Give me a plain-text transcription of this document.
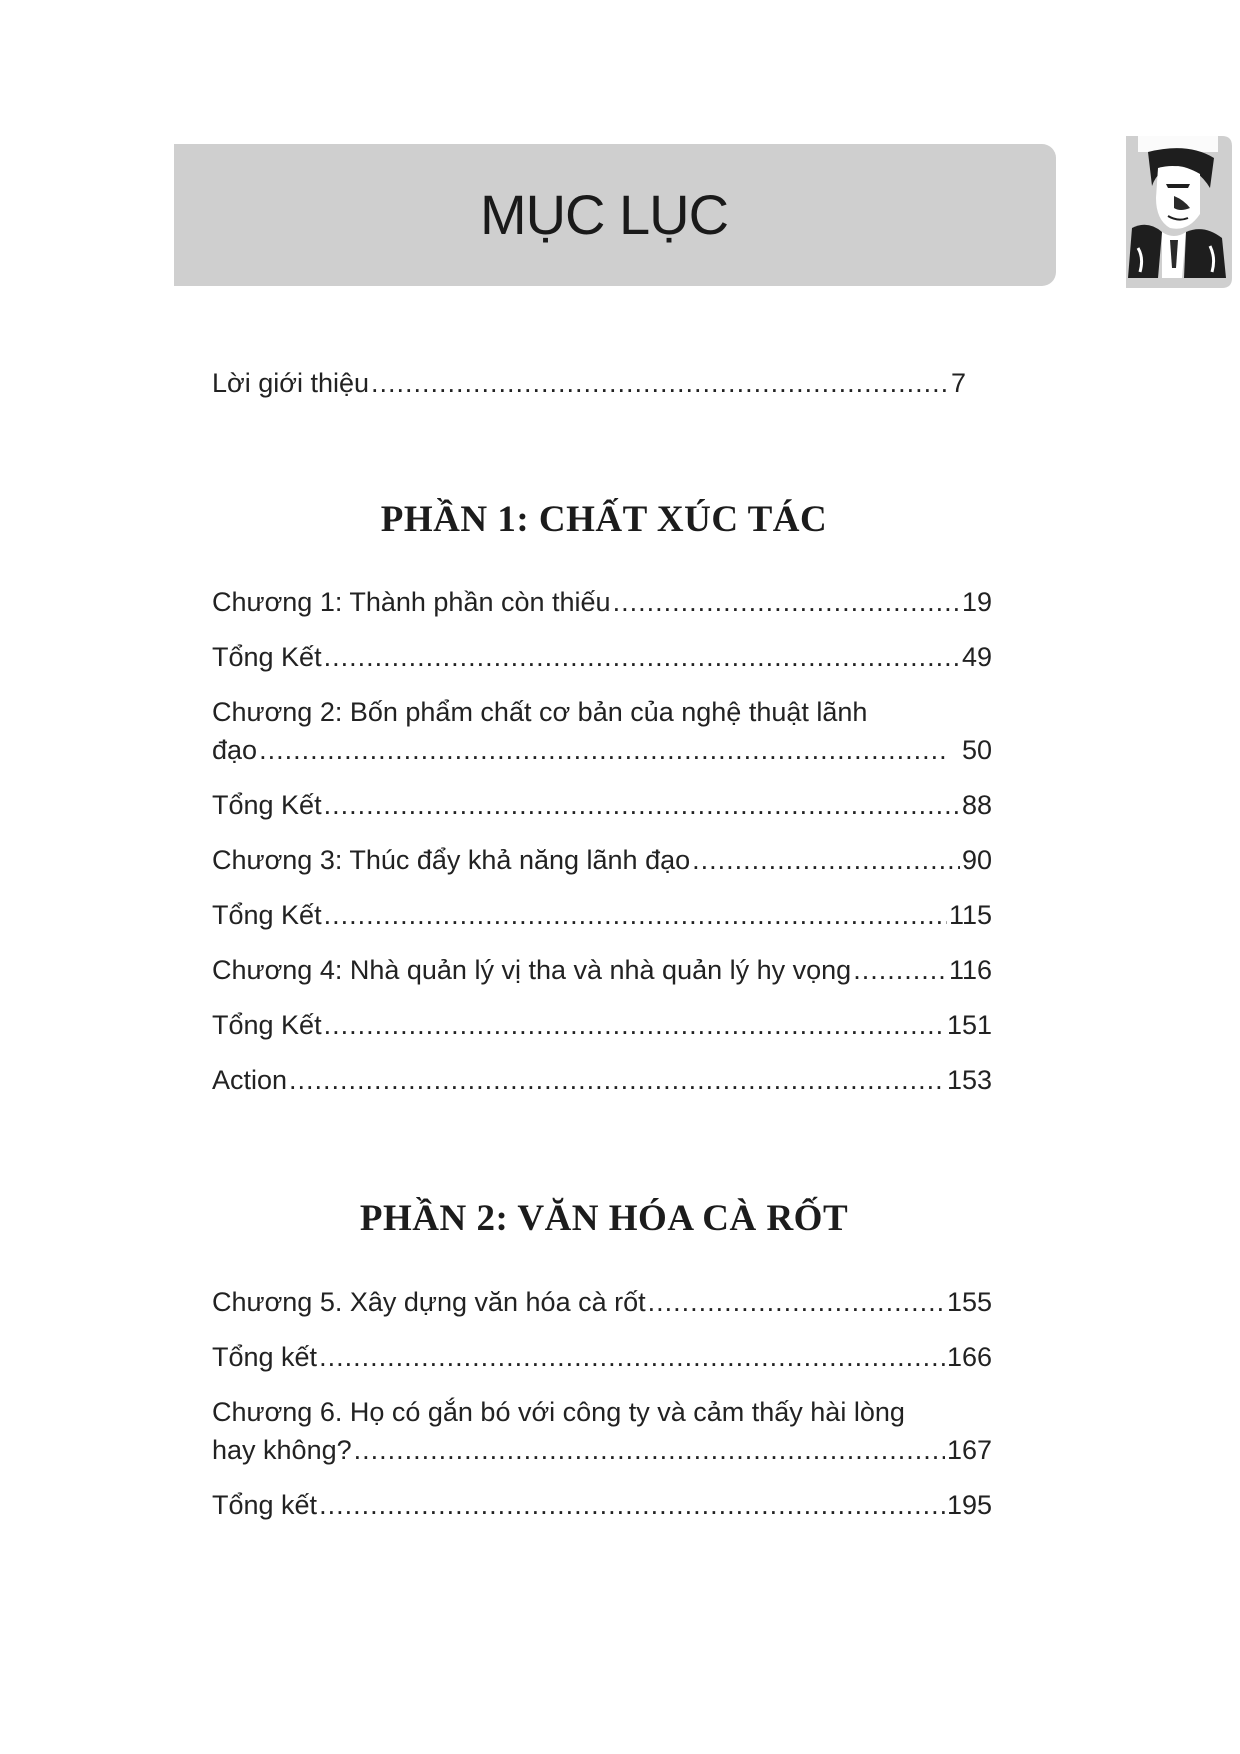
MỤC LỤC
Lời giới thiệu .....	7
PHẦN 1: CHẤT XÚC TÁC
Chương 1: Thành phần còn thiếu .....	19
Tổng Kết .....	49
Chương 2: Bốn phẩm chất cơ bản của nghệ thuật lãnh
đạo .....	50
Tổng Kết .....	88
Chương 3: Thúc đẩy khả năng lãnh đạo .....	90
Tổng Kết .....	115
Chương 4: Nhà quản lý vị tha và nhà quản lý hy vọng .....	116
Tổng Kết .....	151
Action .....	153
PHẦN 2: VĂN HÓA CÀ RỐT
Chương 5. Xây dựng văn hóa cà rốt .....	155
Tổng kết .....	166
Chương 6. Họ có gắn bó với công ty và cảm thấy hài lòng
hay không? .....	167
Tổng kết .....	195
